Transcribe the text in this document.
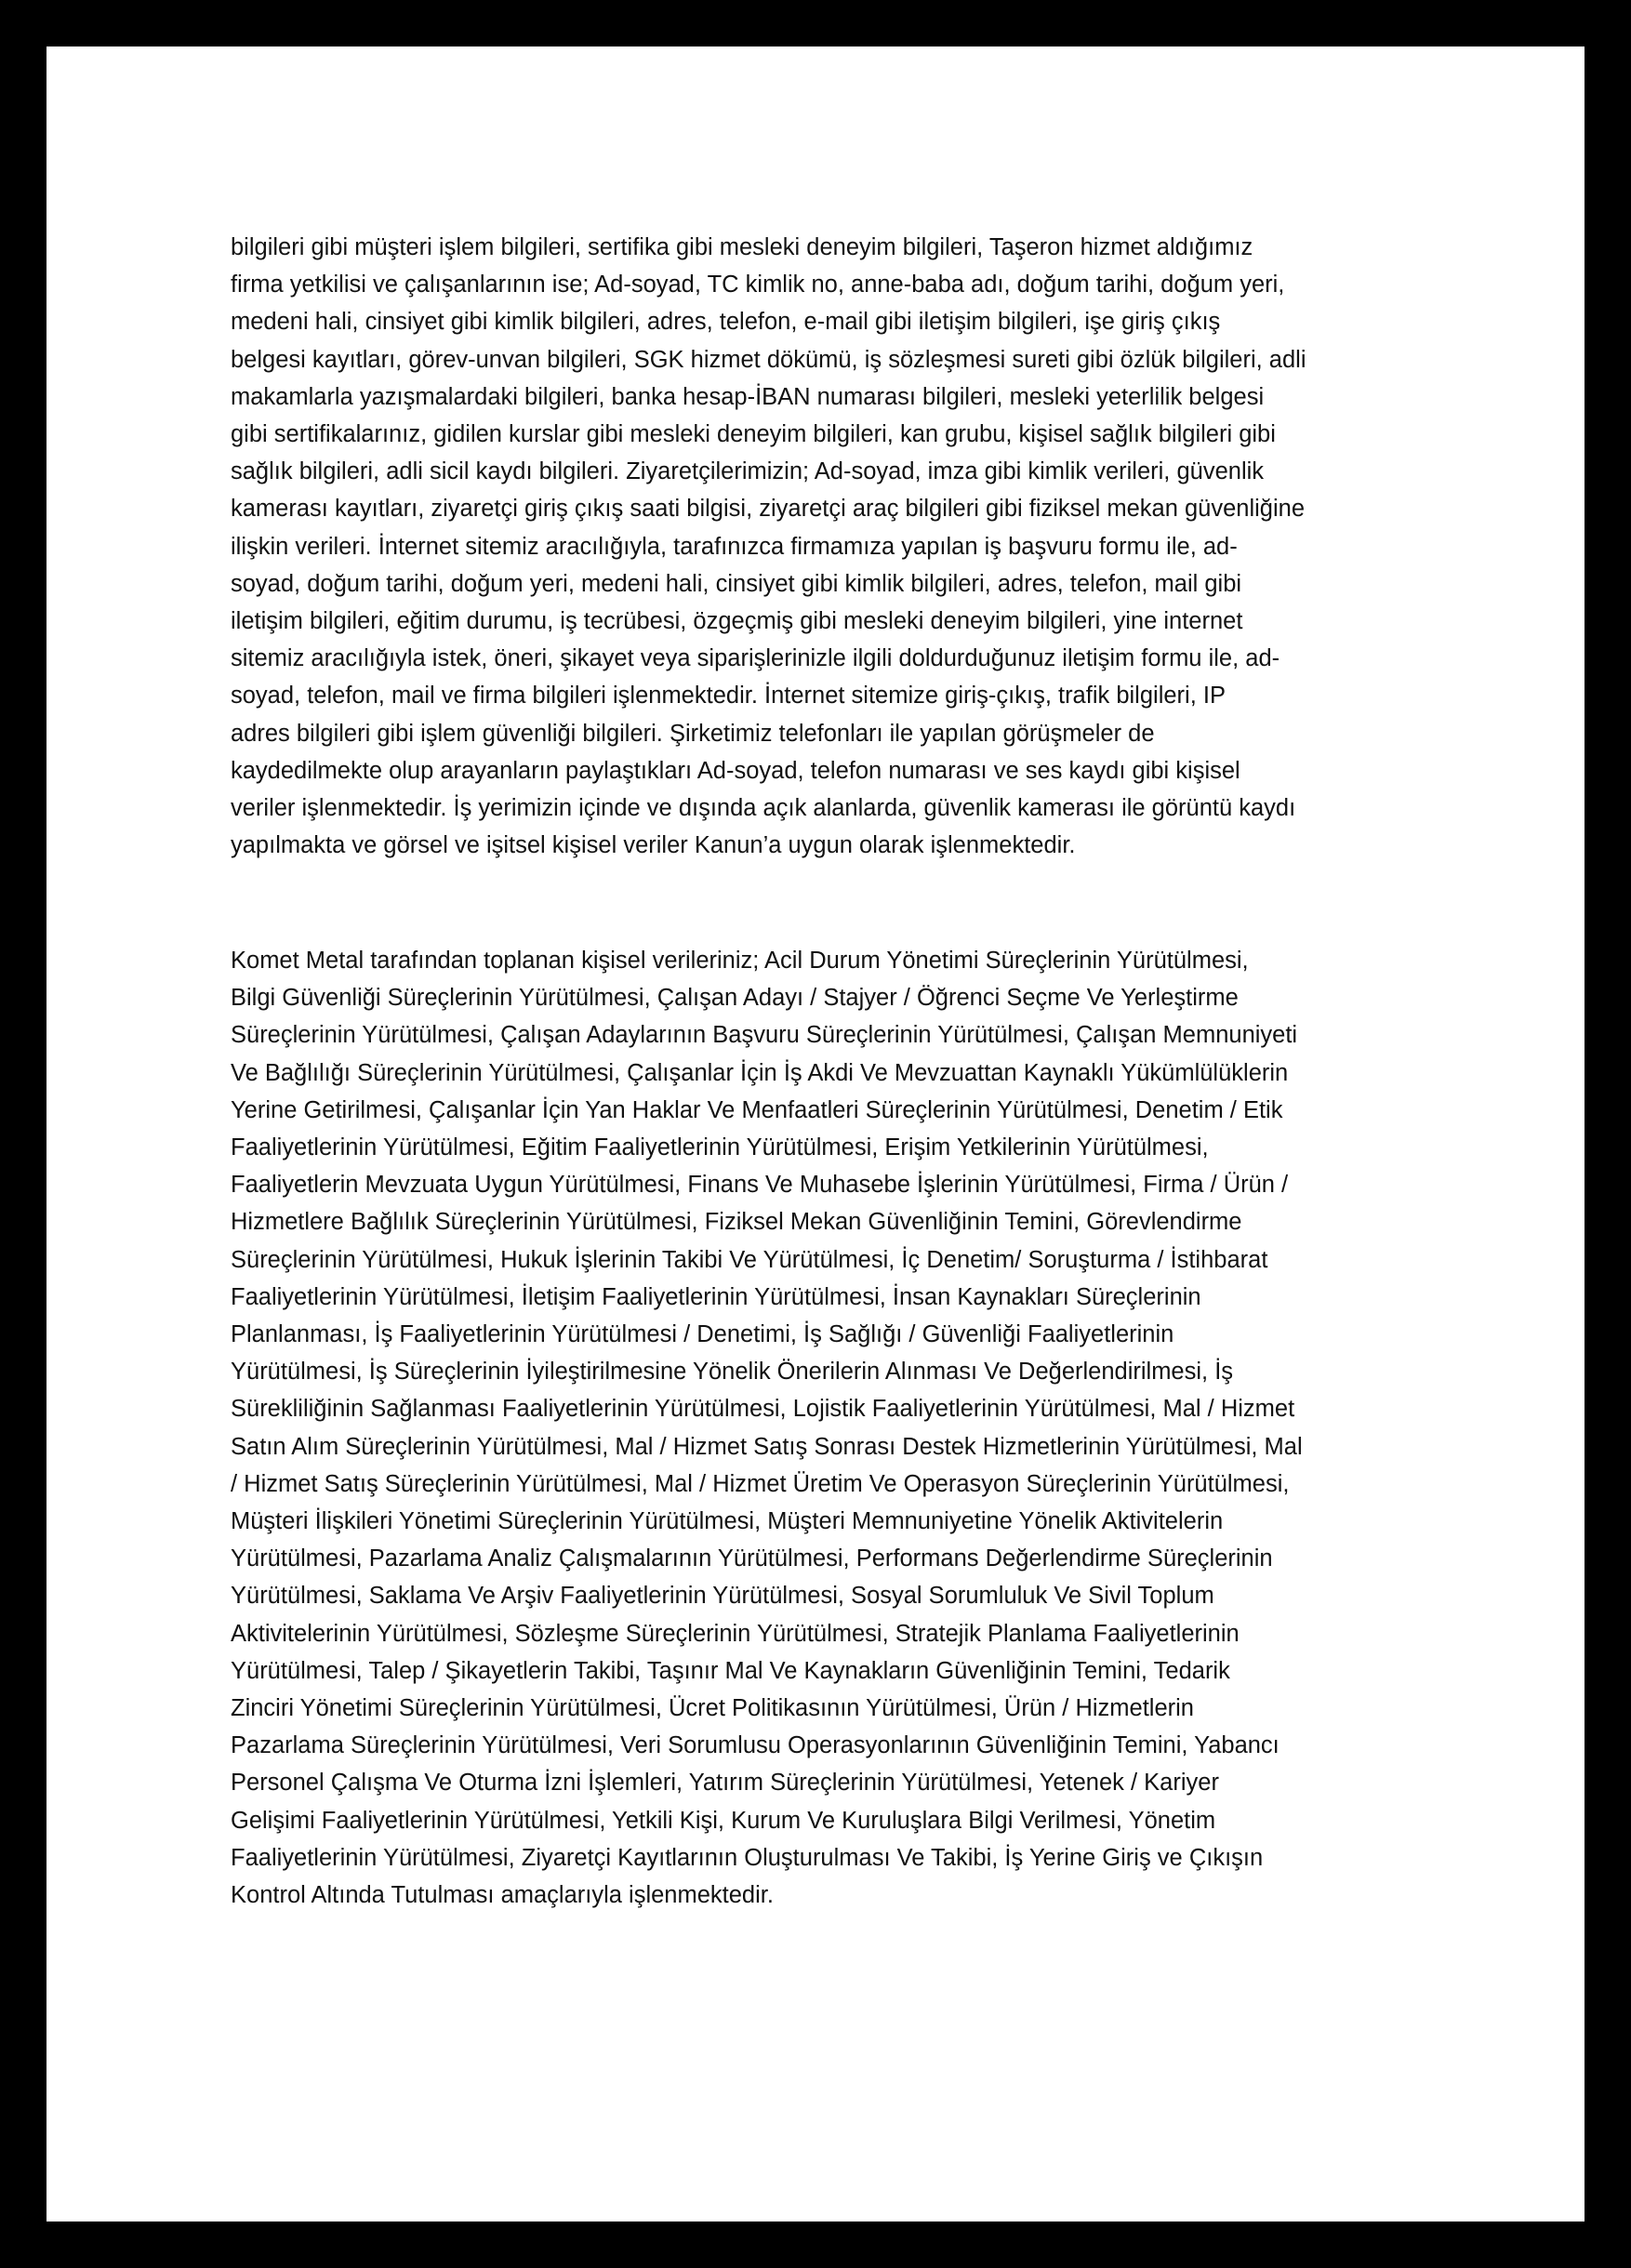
bilgileri gibi müşteri işlem bilgileri, sertifika gibi mesleki deneyim bilgileri, Taşeron hizmet aldığımız
firma yetkilisi ve çalışanlarının ise; Ad-soyad, TC kimlik no, anne-baba adı, doğum tarihi, doğum yeri,
medeni hali, cinsiyet gibi kimlik bilgileri, adres, telefon, e-mail gibi iletişim bilgileri, işe giriş çıkış
belgesi kayıtları, görev-unvan bilgileri, SGK hizmet dökümü, iş sözleşmesi sureti gibi özlük bilgileri, adli
makamlarla yazışmalardaki bilgileri, banka hesap-İBAN numarası bilgileri, mesleki yeterlilik belgesi
gibi sertifikalarınız, gidilen kurslar gibi mesleki deneyim bilgileri, kan grubu, kişisel sağlık bilgileri gibi
sağlık bilgileri, adli sicil kaydı bilgileri. Ziyaretçilerimizin; Ad-soyad, imza gibi kimlik verileri, güvenlik
kamerası kayıtları, ziyaretçi giriş çıkış saati bilgisi, ziyaretçi araç bilgileri gibi fiziksel mekan güvenliğine
ilişkin verileri. İnternet sitemiz aracılığıyla, tarafınızca firmamıza yapılan iş başvuru formu ile, ad-
soyad, doğum tarihi, doğum yeri, medeni hali, cinsiyet gibi kimlik bilgileri, adres, telefon, mail gibi
iletişim bilgileri, eğitim durumu, iş tecrübesi, özgeçmiş gibi mesleki deneyim bilgileri, yine internet
sitemiz aracılığıyla istek, öneri, şikayet veya siparişlerinizle ilgili doldurduğunuz iletişim formu ile, ad-
soyad, telefon, mail ve firma bilgileri işlenmektedir. İnternet sitemize giriş-çıkış, trafik bilgileri, IP
adres bilgileri gibi işlem güvenliği bilgileri. Şirketimiz telefonları ile yapılan görüşmeler de
kaydedilmekte olup arayanların paylaştıkları Ad-soyad, telefon numarası ve ses kaydı gibi kişisel
veriler işlenmektedir. İş yerimizin içinde ve dışında açık alanlarda, güvenlik kamerası ile görüntü kaydı
yapılmakta ve görsel ve işitsel kişisel veriler Kanun’a uygun olarak işlenmektedir.

Komet Metal tarafından toplanan kişisel verileriniz; Acil Durum Yönetimi Süreçlerinin Yürütülmesi,
Bilgi Güvenliği Süreçlerinin Yürütülmesi, Çalışan Adayı / Stajyer / Öğrenci Seçme Ve Yerleştirme
Süreçlerinin Yürütülmesi, Çalışan Adaylarının Başvuru Süreçlerinin Yürütülmesi, Çalışan Memnuniyeti
Ve Bağlılığı Süreçlerinin Yürütülmesi, Çalışanlar İçin İş Akdi Ve Mevzuattan Kaynaklı Yükümlülüklerin
Yerine Getirilmesi, Çalışanlar İçin Yan Haklar Ve Menfaatleri Süreçlerinin Yürütülmesi, Denetim / Etik
Faaliyetlerinin Yürütülmesi, Eğitim Faaliyetlerinin Yürütülmesi, Erişim Yetkilerinin Yürütülmesi,
Faaliyetlerin Mevzuata Uygun Yürütülmesi, Finans Ve Muhasebe İşlerinin Yürütülmesi, Firma / Ürün /
Hizmetlere Bağlılık Süreçlerinin Yürütülmesi, Fiziksel Mekan Güvenliğinin Temini, Görevlendirme
Süreçlerinin Yürütülmesi, Hukuk İşlerinin Takibi Ve Yürütülmesi, İç Denetim/ Soruşturma / İstihbarat
Faaliyetlerinin Yürütülmesi, İletişim Faaliyetlerinin Yürütülmesi, İnsan Kaynakları Süreçlerinin
Planlanması, İş Faaliyetlerinin Yürütülmesi / Denetimi, İş Sağlığı / Güvenliği Faaliyetlerinin
Yürütülmesi, İş Süreçlerinin İyileştirilmesine Yönelik Önerilerin Alınması Ve Değerlendirilmesi, İş
Sürekliliğinin Sağlanması Faaliyetlerinin Yürütülmesi, Lojistik Faaliyetlerinin Yürütülmesi, Mal / Hizmet
Satın Alım Süreçlerinin Yürütülmesi, Mal / Hizmet Satış Sonrası Destek Hizmetlerinin Yürütülmesi, Mal
/ Hizmet Satış Süreçlerinin Yürütülmesi, Mal / Hizmet Üretim Ve Operasyon Süreçlerinin Yürütülmesi,
Müşteri İlişkileri Yönetimi Süreçlerinin Yürütülmesi, Müşteri Memnuniyetine Yönelik Aktivitelerin
Yürütülmesi, Pazarlama Analiz Çalışmalarının Yürütülmesi, Performans Değerlendirme Süreçlerinin
Yürütülmesi, Saklama Ve Arşiv Faaliyetlerinin Yürütülmesi, Sosyal Sorumluluk Ve Sivil Toplum
Aktivitelerinin Yürütülmesi, Sözleşme Süreçlerinin Yürütülmesi, Stratejik Planlama Faaliyetlerinin
Yürütülmesi, Talep / Şikayetlerin Takibi, Taşınır Mal Ve Kaynakların Güvenliğinin Temini, Tedarik
Zinciri Yönetimi Süreçlerinin Yürütülmesi, Ücret Politikasının Yürütülmesi, Ürün / Hizmetlerin
Pazarlama Süreçlerinin Yürütülmesi, Veri Sorumlusu Operasyonlarının Güvenliğinin Temini, Yabancı
Personel Çalışma Ve Oturma İzni İşlemleri, Yatırım Süreçlerinin Yürütülmesi, Yetenek / Kariyer
Gelişimi Faaliyetlerinin Yürütülmesi, Yetkili Kişi, Kurum Ve Kuruluşlara Bilgi Verilmesi, Yönetim
Faaliyetlerinin Yürütülmesi, Ziyaretçi Kayıtlarının Oluşturulması Ve Takibi, İş Yerine Giriş ve Çıkışın
Kontrol Altında Tutulması amaçlarıyla işlenmektedir.
